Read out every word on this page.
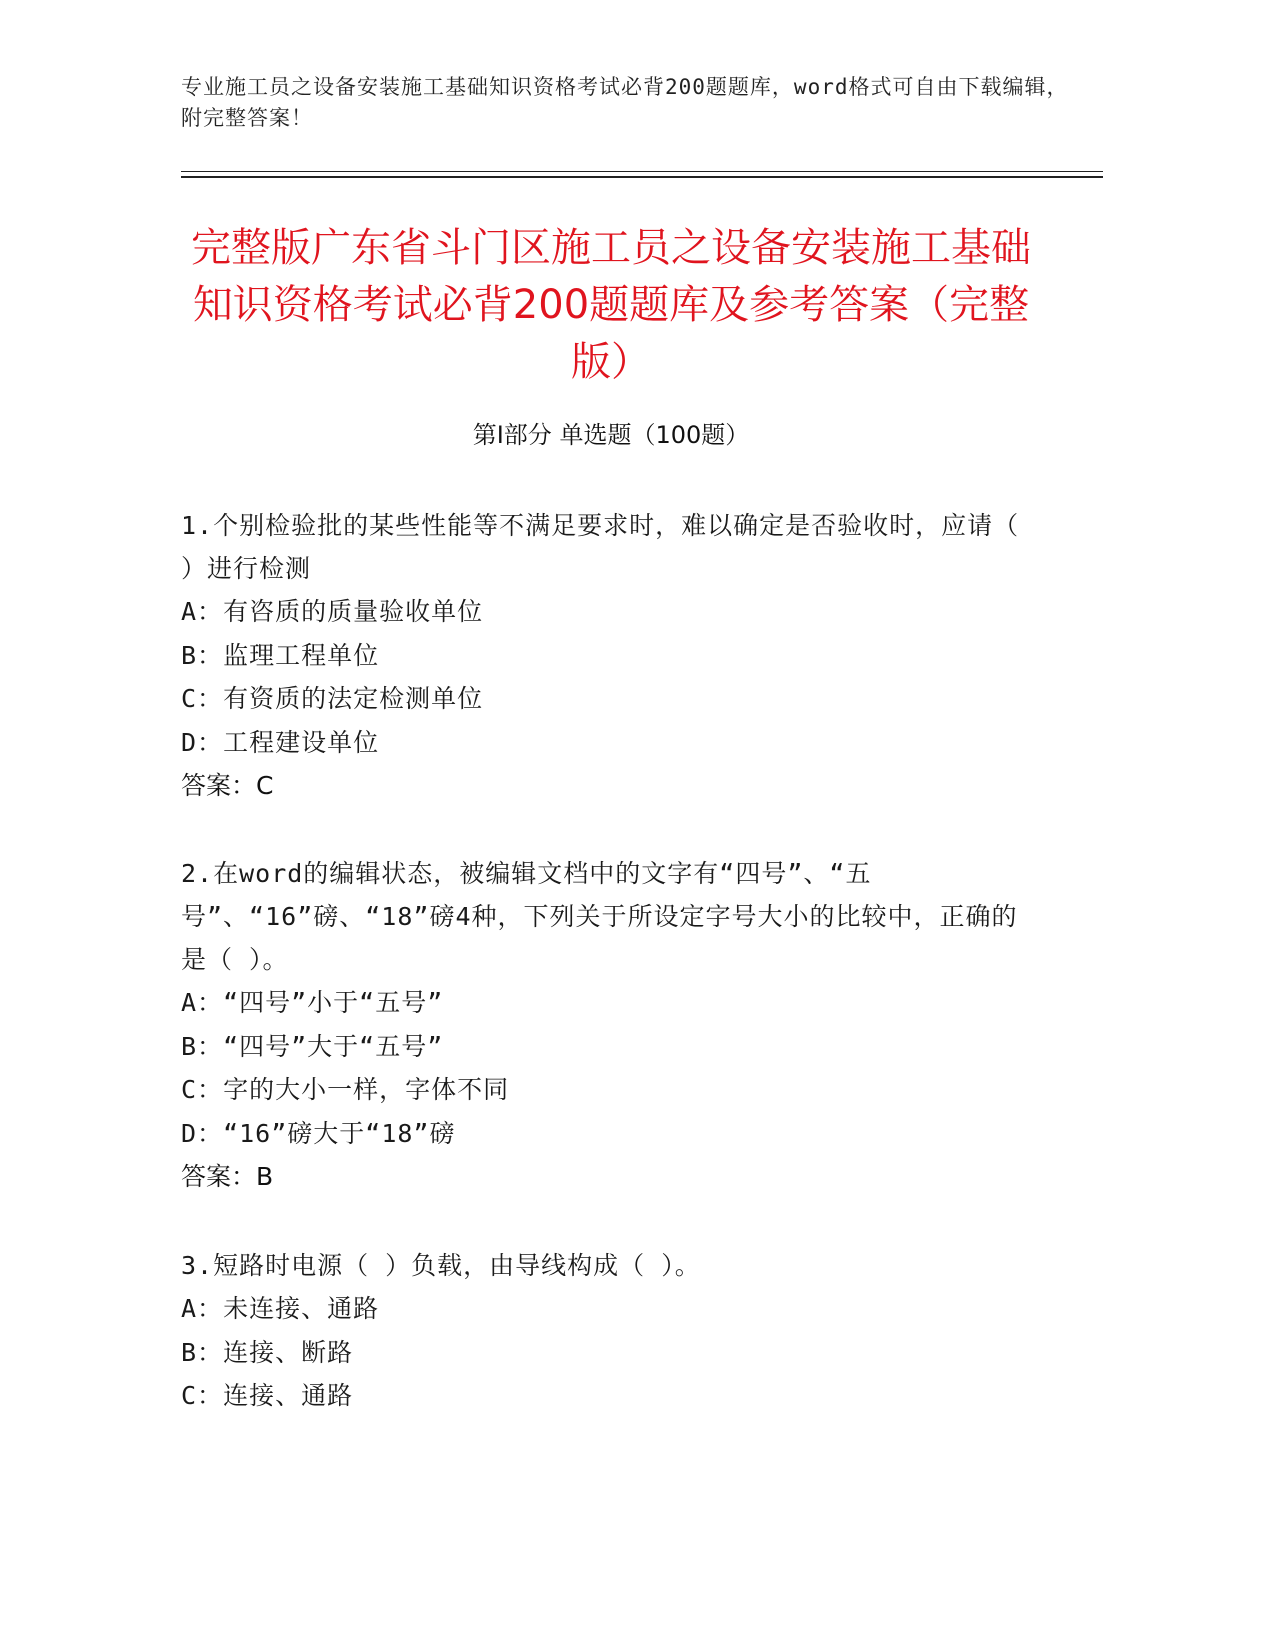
专业施工员之设备安装施工基础知识资格考试必背200题题库，word格式可自由下载编辑，附完整答案！
完整版广东省斗门区施工员之设备安装施工基础知识资格考试必背200题题库及参考答案（完整版）
第I部分 单选题（100题）
1.个别检验批的某些性能等不满足要求时，难以确定是否验收时，应请（ ）进行检测
A：有咨质的质量验收单位
B：监理工程单位
C：有资质的法定检测单位
D：工程建设单位
答案：C
2.在word的编辑状态，被编辑文档中的文字有“四号”、“五号”、“16”磅、“18”磅4种，下列关于所设定字号大小的比较中，正确的是（ ）。
A：“四号”小于“五号”
B：“四号”大于“五号”
C：字的大小一样，字体不同
D：“16”磅大于“18”磅
答案：B
3.短路时电源（ ）负载，由导线构成（ ）。
A：未连接、通路
B：连接、断路
C：连接、通路
